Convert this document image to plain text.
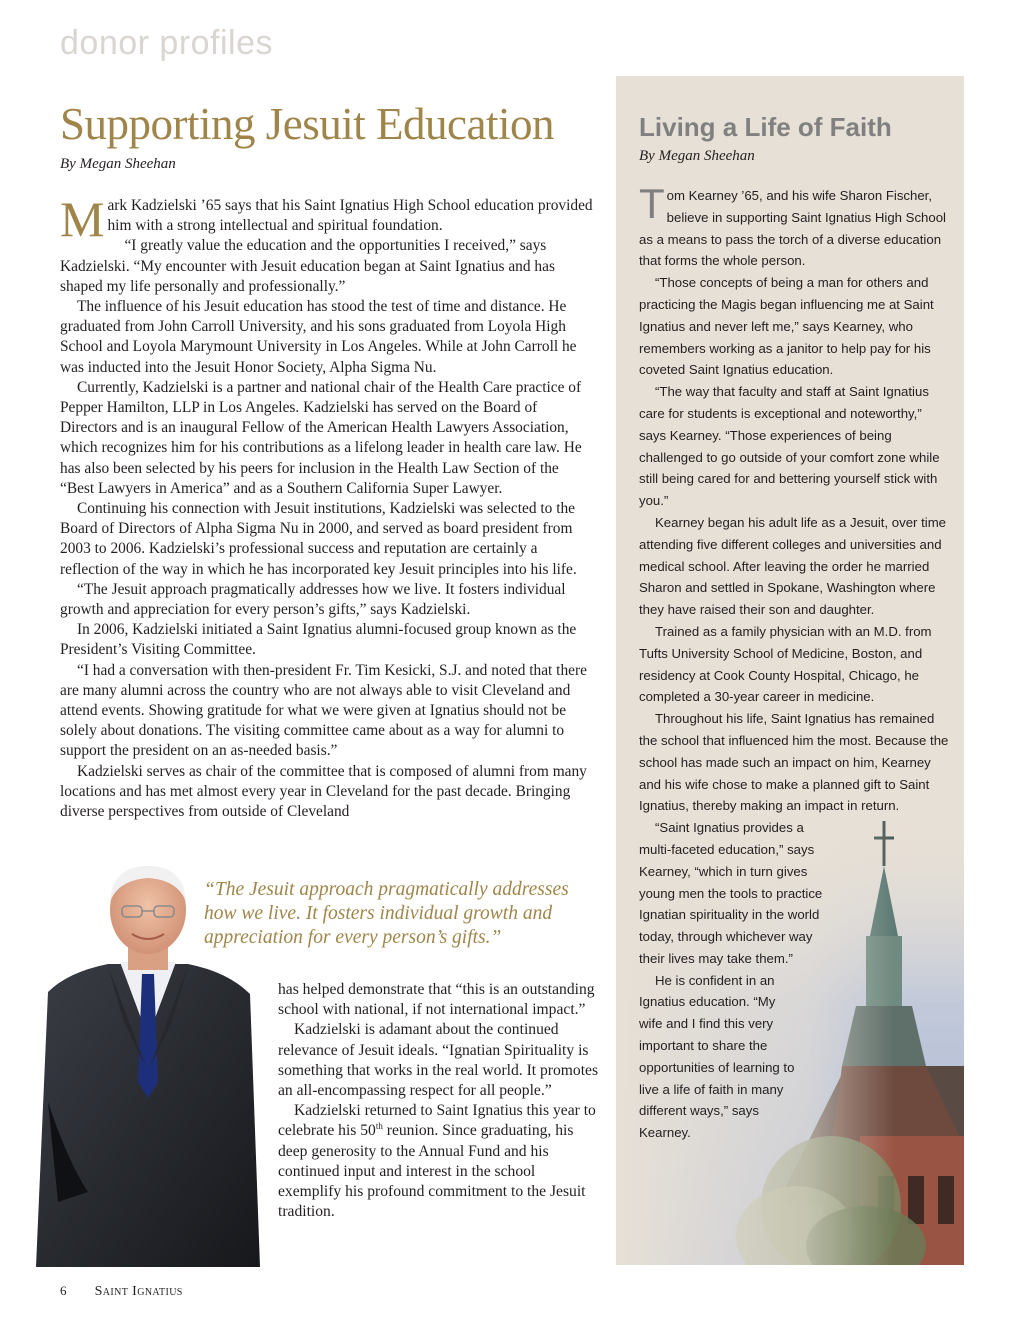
donor profiles
Supporting Jesuit Education
By Megan Sheehan

Mark Kadzielski ’65 says that his Saint Ignatius High School education provided him with a strong intellectual and spiritual foundation.

“I greatly value the education and the opportunities I received,” says Kadzielski. “My encounter with Jesuit education began at Saint Ignatius and has shaped my life personally and professionally.”

The influence of his Jesuit education has stood the test of time and distance. He graduated from John Carroll University, and his sons graduated from Loyola High School and Loyola Marymount University in Los Angeles. While at John Carroll he was inducted into the Jesuit Honor Society, Alpha Sigma Nu.

Currently, Kadzielski is a partner and national chair of the Health Care practice of Pepper Hamilton, LLP in Los Angeles. Kadzielski has served on the Board of Directors and is an inaugural Fellow of the American Health Lawyers Association, which recognizes him for his contributions as a lifelong leader in health care law. He has also been selected by his peers for inclusion in the Health Law Section of the “Best Lawyers in America” and as a Southern California Super Lawyer.

Continuing his connection with Jesuit institutions, Kadzielski was selected to the Board of Directors of Alpha Sigma Nu in 2000, and served as board president from 2003 to 2006. Kadzielski’s professional success and reputation are certainly a reflection of the way in which he has incorporated key Jesuit principles into his life.

“The Jesuit approach pragmatically addresses how we live. It fosters individual growth and appreciation for every person’s gifts,” says Kadzielski.

In 2006, Kadzielski initiated a Saint Ignatius alumni-focused group known as the President’s Visiting Committee.

“I had a conversation with then-president Fr. Tim Kesicki, S.J. and noted that there are many alumni across the country who are not always able to visit Cleveland and attend events. Showing gratitude for what we were given at Ignatius should not be solely about donations. The visiting committee came about as a way for alumni to support the president on an as-needed basis.”

Kadzielski serves as chair of the committee that is composed of alumni from many locations and has met almost every year in Cleveland for the past decade. Bringing diverse perspectives from outside of Cleveland

“The Jesuit approach pragmatically addresses how we live. It fosters individual growth and appreciation for every person’s gifts.”

has helped demonstrate that “this is an outstanding school with national, if not international impact.”

Kadzielski is adamant about the continued relevance of Jesuit ideals. “Ignatian Spirituality is something that works in the real world. It promotes an all-encompassing respect for all people.”

Kadzielski returned to Saint Ignatius this year to celebrate his 50th reunion. Since graduating, his deep generosity to the Annual Fund and his continued input and interest in the school exemplify his profound commitment to the Jesuit tradition.

Living a Life of Faith
By Megan Sheehan

Tom Kearney ’65, and his wife Sharon Fischer, believe in supporting Saint Ignatius High School as a means to pass the torch of a diverse education that forms the whole person.

“Those concepts of being a man for others and practicing the Magis began influencing me at Saint Ignatius and never left me,” says Kearney, who remembers working as a janitor to help pay for his coveted Saint Ignatius education.

“The way that faculty and staff at Saint Ignatius care for students is exceptional and noteworthy,” says Kearney. “Those experiences of being challenged to go outside of your comfort zone while still being cared for and bettering yourself stick with you.”

Kearney began his adult life as a Jesuit, over time attending five different colleges and universities and medical school. After leaving the order he married Sharon and settled in Spokane, Washington where they have raised their son and daughter.

Trained as a family physician with an M.D. from Tufts University School of Medicine, Boston, and residency at Cook County Hospital, Chicago, he completed a 30-year career in medicine.

Throughout his life, Saint Ignatius has remained the school that influenced him the most. Because the school has made such an impact on him, Kearney and his wife chose to make a planned gift to Saint Ignatius, thereby making an impact in return.

“Saint Ignatius provides a multi-faceted education,” says Kearney, “which in turn gives young men the tools to practice Ignatian spirituality in the world today, through whichever way their lives may take them.”

He is confident in an Ignatius education. “My wife and I find this very important to share the opportunities of learning to live a life of faith in many different ways,” says Kearney.

6 Saint Ignatius
